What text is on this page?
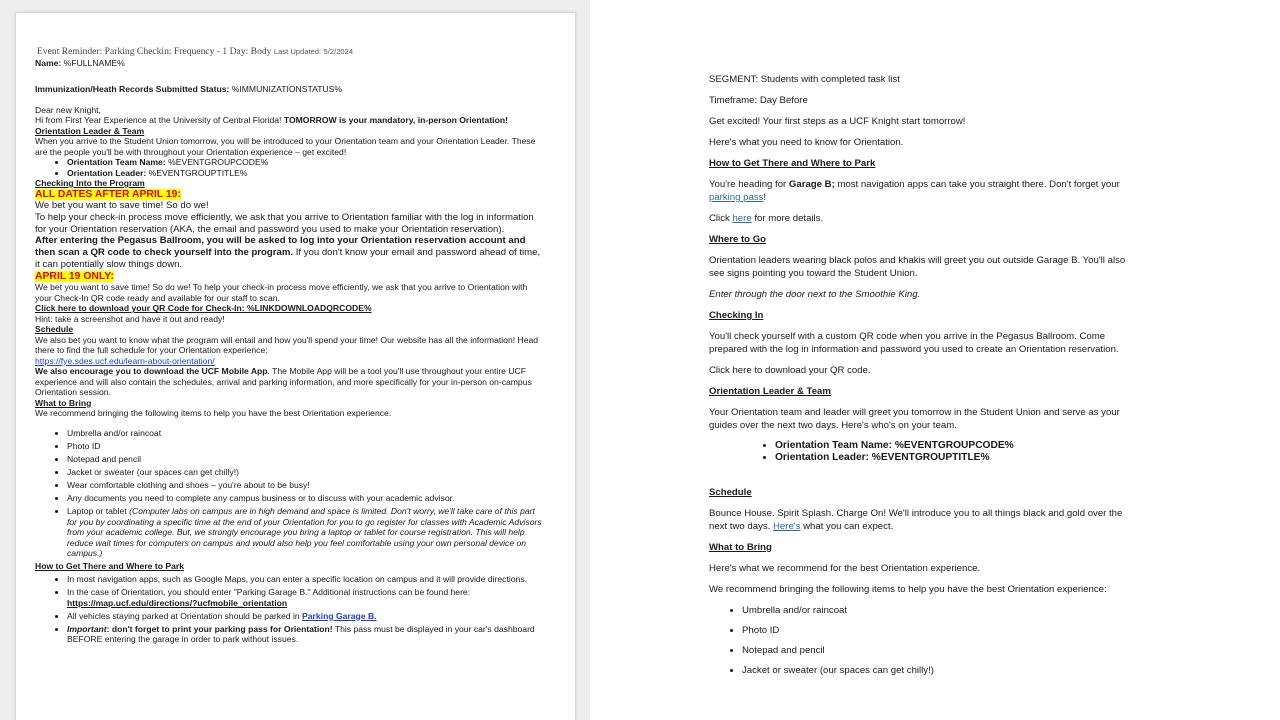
Event Reminder: Parking Checkin: Frequency - 1 Day: Body Last Updated: 5/2/2024
Name: %FULLNAME%
Immunization/Heath Records Submitted Status: %IMMUNIZATIONSTATUS%
Dear new Knight,
Hi from First Year Experience at the University of Central Florida! TOMORROW is your mandatory, in-person Orientation!
Orientation Leader & Team
When you arrive to the Student Union tomorrow, you will be introduced to your Orientation team and your Orientation Leader. These are the people you'll be with throughout your Orientation experience – get excited!
• Orientation Team Name: %EVENTGROUPCODE%
• Orientation Leader: %EVENTGROUPTITLE%
Checking Into the Program
ALL DATES AFTER APRIL 19:
We bet you want to save time! So do we!
To help your check-in process move efficiently, we ask that you arrive to Orientation familiar with the log in information for your Orientation reservation (AKA, the email and password you used to make your Orientation reservation).
After entering the Pegasus Ballroom, you will be asked to log into your Orientation reservation account and then scan a QR code to check yourself into the program. If you don't know your email and password ahead of time, it can potentially slow things down.
APRIL 19 ONLY:
We bet you want to save time! So do we! To help your check-in process move efficiently, we ask that you arrive to Orientation with your Check-In QR code ready and available for our staff to scan.
Click here to download your QR Code for Check-In: %LINKDOWNLOADQRCODE%
Hint: take a screenshot and have it out and ready!
Schedule
We also bet you want to know what the program will entail and how you'll spend your time! Our website has all the information! Head there to find the full schedule for your Orientation experience:
https://fye.sdes.ucf.edu/learn-about-orientation/
We also encourage you to download the UCF Mobile App. The Mobile App will be a tool you'll use throughout your entire UCF experience and will also contain the schedules, arrival and parking information, and more specifically for your in-person on-campus Orientation session.
What to Bring
We recommend bringing the following items to help you have the best Orientation experience:
• Umbrella and/or raincoat
• Photo ID
• Notepad and pencil
• Jacket or sweater (our spaces can get chilly!)
• Wear comfortable clothing and shoes – you're about to be busy!
• Any documents you need to complete any campus business or to discuss with your academic advisor.
• Laptop or tablet (Computer labs on campus are in high demand and space is limited. Don't worry, we'll take care of this part for you by coordinating a specific time at the end of your Orientation for you to go register for classes with Academic Advisors from your academic college. But, we strongly encourage you bring a laptop or tablet for course registration. This will help reduce wait times for computers on campus and would also help you feel comfortable using your own personal device on campus.)
How to Get There and Where to Park
• In most navigation apps, such as Google Maps, you can enter a specific location on campus and it will provide directions.
• In the case of Orientation, you should enter "Parking Garage B." Additional instructions can be found here: https://map.ucf.edu/directions/?ucfmobile_orientation
• All vehicles staying parked at Orientation should be parked in Parking Garage B.
• Important: don't forget to print your parking pass for Orientation! This pass must be displayed in your car's dashboard BEFORE entering the garage in order to park without issues.

SEGMENT: Students with completed task list

Timeframe: Day Before

Get excited! Your first steps as a UCF Knight start tomorrow!

Here's what you need to know for Orientation.

How to Get There and Where to Park

You're heading for Garage B; most navigation apps can take you straight there. Don't forget your parking pass!

Click here for more details.

Where to Go

Orientation leaders wearing black polos and khakis will greet you out outside Garage B. You'll also see signs pointing you toward the Student Union.

Enter through the door next to the Smoothie King.

Checking In

You'll check yourself with a custom QR code when you arrive in the Pegasus Ballroom. Come prepared with the log in information and password you used to create an Orientation reservation.

Click here to download your QR code.

Orientation Leader & Team

Your Orientation team and leader will greet you tomorrow in the Student Union and serve as your guides over the next two days. Here's who's on your team.

• Orientation Team Name: %EVENTGROUPCODE%
• Orientation Leader: %EVENTGROUPTITLE%
Schedule

Bounce House. Spirit Splash. Charge On! We'll introduce you to all things black and gold over the next two days. Here's what you can expect.

What to Bring

Here's what we recommend for the best Orientation experience.

We recommend bringing the following items to help you have the best Orientation experience:

• Umbrella and/or raincoat
• Photo ID
• Notepad and pencil
• Jacket or sweater (our spaces can get chilly!)
